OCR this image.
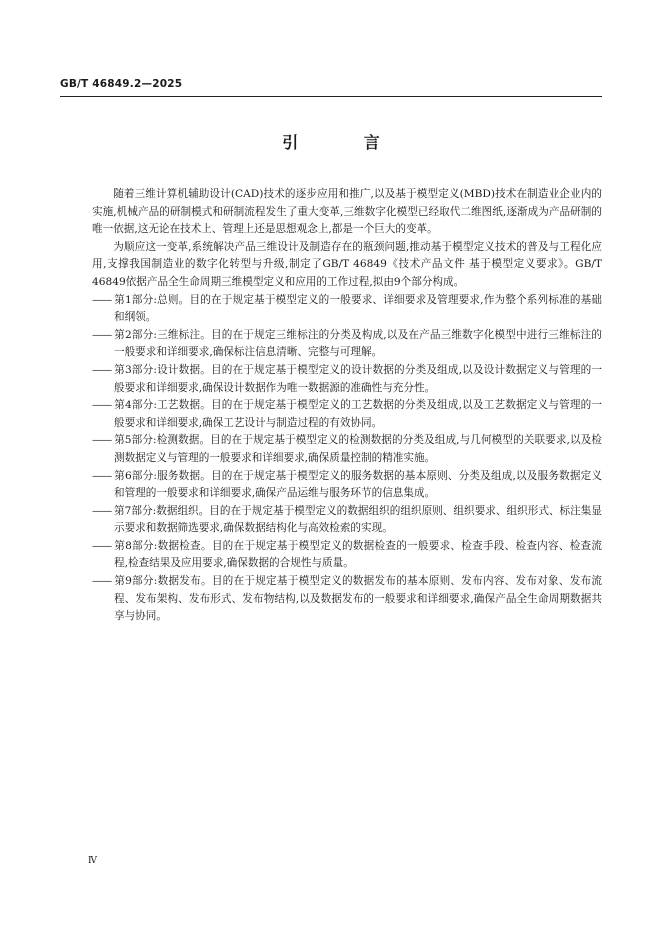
GB/T 46849.2—2025
引 言

随着三维计算机辅助设计(CAD)技术的逐步应用和推广,以及基于模型定义(MBD)技术在制造业企业内的实施,机械产品的研制模式和研制流程发生了重大变革,三维数字化模型已经取代二维图纸,逐渐成为产品研制的唯一依据,这无论在技术上、管理上还是思想观念上,都是一个巨大的变革。

为顺应这一变革,系统解决产品三维设计及制造存在的瓶颈问题,推动基于模型定义技术的普及与工程化应用,支撑我国制造业的数字化转型与升级,制定了GB/T 46849《技术产品文件 基于模型定义要求》。GB/T 46849依据产品全生命周期三维模型定义和应用的工作过程,拟由9个部分构成。

—— 第1部分:总则。目的在于规定基于模型定义的一般要求、详细要求及管理要求,作为整个系列标准的基础和纲领。
—— 第2部分:三维标注。目的在于规定三维标注的分类及构成,以及在产品三维数字化模型中进行三维标注的一般要求和详细要求,确保标注信息清晰、完整与可理解。
—— 第3部分:设计数据。目的在于规定基于模型定义的设计数据的分类及组成,以及设计数据定义与管理的一般要求和详细要求,确保设计数据作为唯一数据源的准确性与充分性。
—— 第4部分:工艺数据。目的在于规定基于模型定义的工艺数据的分类及组成,以及工艺数据定义与管理的一般要求和详细要求,确保工艺设计与制造过程的有效协同。
—— 第5部分:检测数据。目的在于规定基于模型定义的检测数据的分类及组成,与几何模型的关联要求,以及检测数据定义与管理的一般要求和详细要求,确保质量控制的精准实施。
—— 第6部分:服务数据。目的在于规定基于模型定义的服务数据的基本原则、分类及组成,以及服务数据定义和管理的一般要求和详细要求,确保产品运维与服务环节的信息集成。
—— 第7部分:数据组织。目的在于规定基于模型定义的数据组织的组织原则、组织要求、组织形式、标注集显示要求和数据筛选要求,确保数据结构化与高效检索的实现。
—— 第8部分:数据检查。目的在于规定基于模型定义的数据检查的一般要求、检查手段、检查内容、检查流程,检查结果及应用要求,确保数据的合规性与质量。
—— 第9部分:数据发布。目的在于规定基于模型定义的数据发布的基本原则、发布内容、发布对象、发布流程、发布架构、发布形式、发布物结构,以及数据发布的一般要求和详细要求,确保产品全生命周期数据共享与协同。
Ⅳ
